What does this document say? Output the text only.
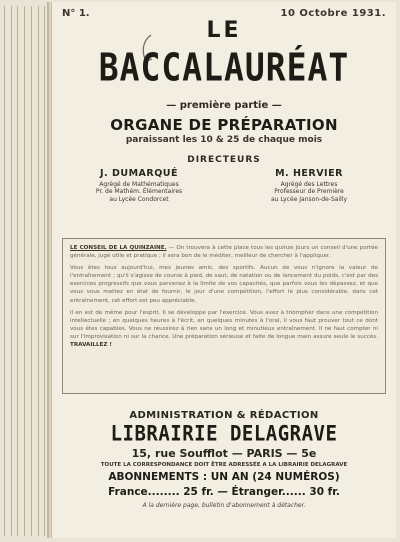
N° 1.	10 Octobre 1931.
LE
BACCALAURÉAT
— première partie —
ORGANE DE PRÉPARATION
paraissant les 10 & 25 de chaque mois
DIRECTEURS
J. DUMARQUÉ
Agrégé de Mathématiques
Pr. de Mathém. Élémentaires
au Lycée Condorcet
M. HERVIER
Agrégé des Lettres
Professeur de Première
au Lycée Janson-de-Sailly

LE CONSEIL DE LA QUINZAINE. — On trouvera à cette place tous les quinze jours un conseil d'une portée générale, jugé utile et pratique ; il sera bon de le méditer, meilleur de chercher à l'appliquer.

Vous êtes tous aujourd'hui, mes jeunes amis, des sportifs. Aucun de vous n'ignore la valeur de l'entraînement ; qu'il s'agisse de course à pied, de saut, de natation ou de lancement du poids, c'est par des exercices progressifs que vous parvenez à la limite de vos capacités, que parfois vous les dépassez, et que vous vous mettez en état de fournir, le jour d'une compétition, l'effort le plus considérable, dans cet entraînement, cet effort est peu appréciable.

Il en est de même pour l'esprit. Il se développe par l'exercice. Vous avez à triompher dans une compétition intellectuelle ; en quelques heures à l'écrit, en quelques minutes à l'oral, il vous faut prouver tout ce dont vous êtes capables. Vous ne réussirez à rien sans un long et minutieux entraînement. Il ne faut compter ni sur l'improvisation ni sur la chance. Une préparation sérieuse et faite de longue main assure seule le succès. TRAVAILLEZ !

ADMINISTRATION & RÉDACTION
LIBRAIRIE DELAGRAVE
15, rue Soufflot — PARIS — 5e
TOUTE LA CORRESPONDANCE DOIT ÊTRE ADRESSÉE A LA LIBRAIRIE DELAGRAVE
ABONNEMENTS : UN AN (24 NUMÉROS)
France........ 25 fr. — Étranger...... 30 fr.
A la dernière page, bulletin d'abonnement à détacher.
